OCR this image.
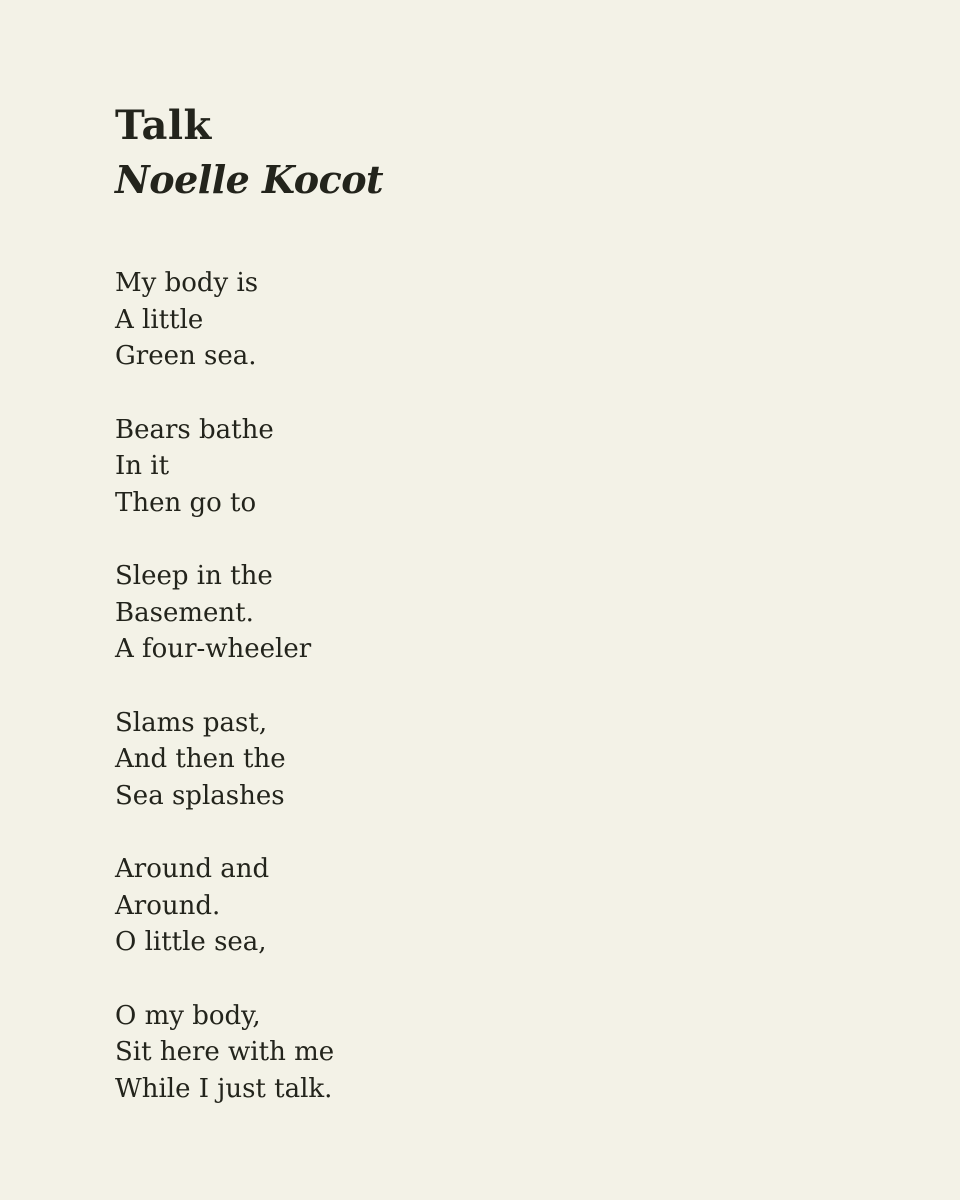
Talk
Noelle Kocot

My body is
A little
Green sea.

Bears bathe
In it
Then go to

Sleep in the
Basement.
A four-wheeler

Slams past,
And then the
Sea splashes

Around and
Around.
O little sea,

O my body,
Sit here with me
While I just talk.
